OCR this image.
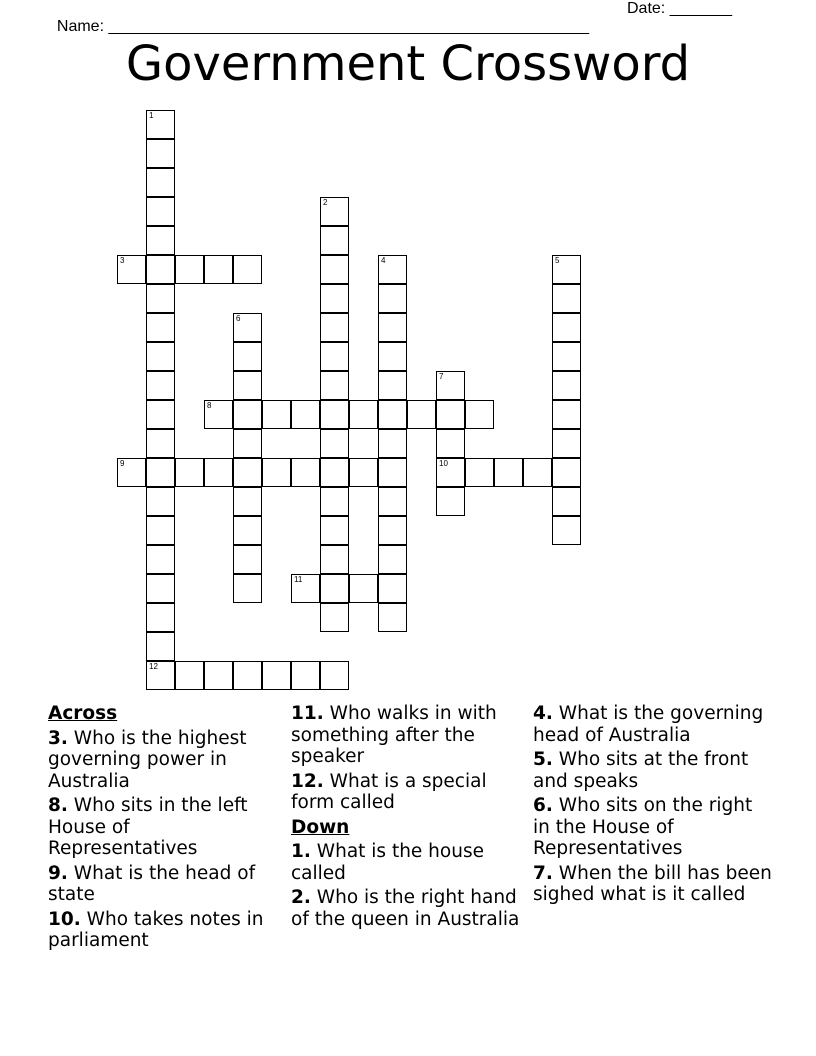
Name: ______________________________________________________

Date: _______

Government Crossword
1
12
2
3	4	5
6
7
10
8
9
11
Across
3. Who is the highest governing power in Australia
8. Who sits in the left House of Representatives
9. What is the head of state
10. Who takes notes in parliament
11. Who walks in with something after the speaker
12. What is a special form called
Down
1. What is the house called
2. Who is the right hand of the queen in Australia
4. What is the governing head of Australia
5. Who sits at the front and speaks
6. Who sits on the right in the House of Representatives
7. When the bill has been sighed what is it called
